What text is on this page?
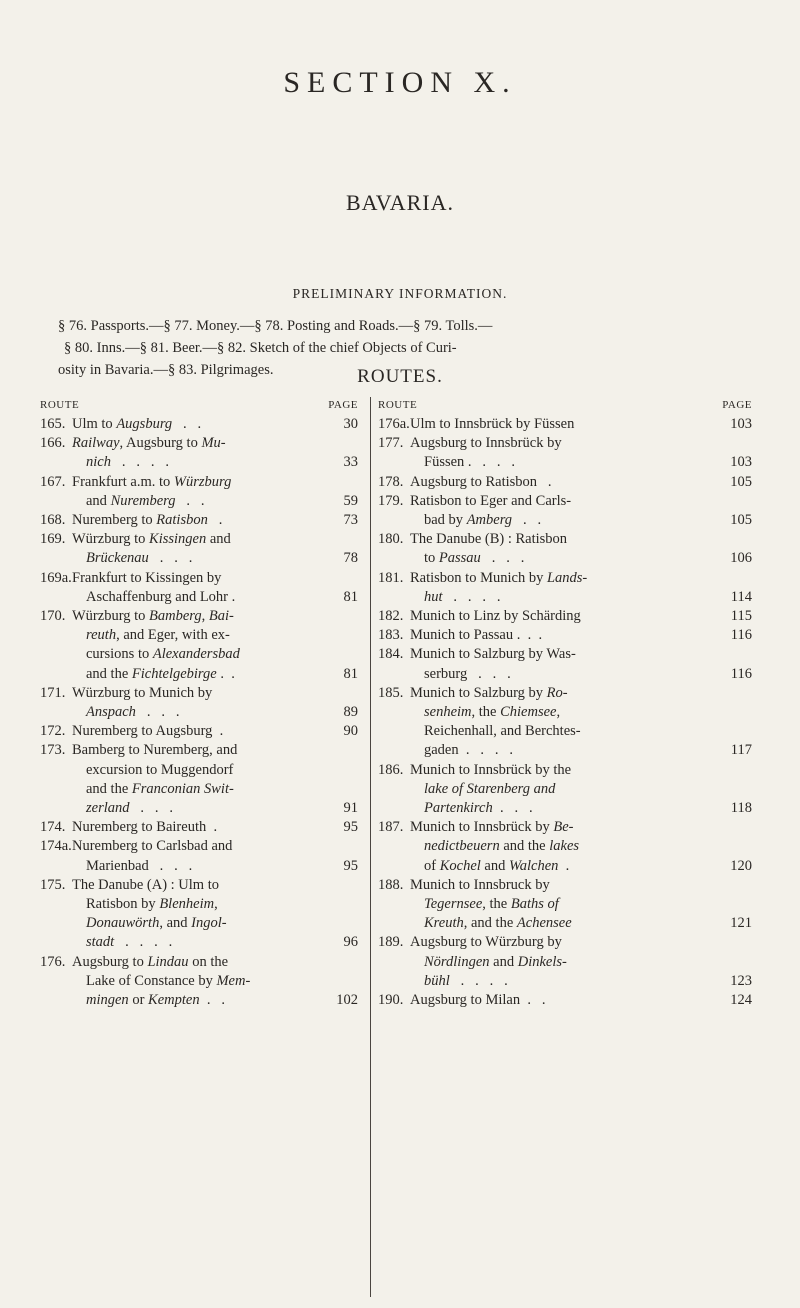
SECTION X.
BAVARIA.
PRELIMINARY INFORMATION.
§ 76. Passports.—§ 77. Money.—§ 78. Posting and Roads.—§ 79. Tolls.—
§ 80. Inns.—§ 81. Beer.—§ 82. Sketch of the chief Objects of Curi-
osity in Bavaria.—§ 83. Pilgrimages.	ROUTES.
ROUTE	PAGE
165. Ulm to Augsburg   .   .	30
166. Railway, Augsburg to Mu-
nich   .   .   .   .	33
167. Frankfurt a.m. to Würzburg
and Nuremberg   .   .	59
168. Nuremberg to Ratisbon   .	73
169. Würzburg to Kissingen and
Brückenau   .   .   .	78
169a. Frankfurt to Kissingen by
Aschaffenburg and Lohr .	81
170. Würzburg to Bamberg, Bai-
reuth, and Eger, with ex-
cursions to Alexandersbad
and the Fichtelgebirge .  .	81
171. Würzburg to Munich by
Anspach   .   .   .	89
172. Nuremberg to Augsburg  .	90
173. Bamberg to Nuremberg, and
excursion to Muggendorf
and the Franconian Swit-
zerland   .   .   .	91
174. Nuremberg to Baireuth  .	95
174a. Nuremberg to Carlsbad and
Marienbad   .   .   .	95
175. The Danube (A) : Ulm to
Ratisbon by Blenheim,
Donauwörth, and Ingol-
stadt   .   .   .   .	96
176. Augsburg to Lindau on the
Lake of Constance by Mem-
mingen or Kempten  .   .	102
ROUTE	PAGE
176a. Ulm to Innsbrück by Füssen	103
177. Augsburg to Innsbrück by
Füssen .   .   .   .	103
178. Augsburg to Ratisbon   .	105
179. Ratisbon to Eger and Carls-
bad by Amberg   .   .	105
180. The Danube (B) : Ratisbon
to Passau   .   .   .	106
181. Ratisbon to Munich by Lands-
hut   .   .   .   .	114
182. Munich to Linz by Schärding	115
183. Munich to Passau .  .  .	116
184. Munich to Salzburg by Was-
serburg   .   .   .	116
185. Munich to Salzburg by Ro-
senheim, the Chiemsee,
Reichenhall, and Berchtes-
gaden  .   .   .   .	117
186. Munich to Innsbrück by the
lake of Starenberg and
Partenkirch  .   .   .	118
187. Munich to Innsbrück by Be-
nedictbeuern and the lakes
of Kochel and Walchen  .	120
188. Munich to Innsbruck by
Tegernsee, the Baths of
Kreuth, and the Achensee	121
189. Augsburg to Würzburg by
Nördlingen and Dinkels-
bühl   .   .   .   .	123
190. Augsburg to Milan  .   .	124
